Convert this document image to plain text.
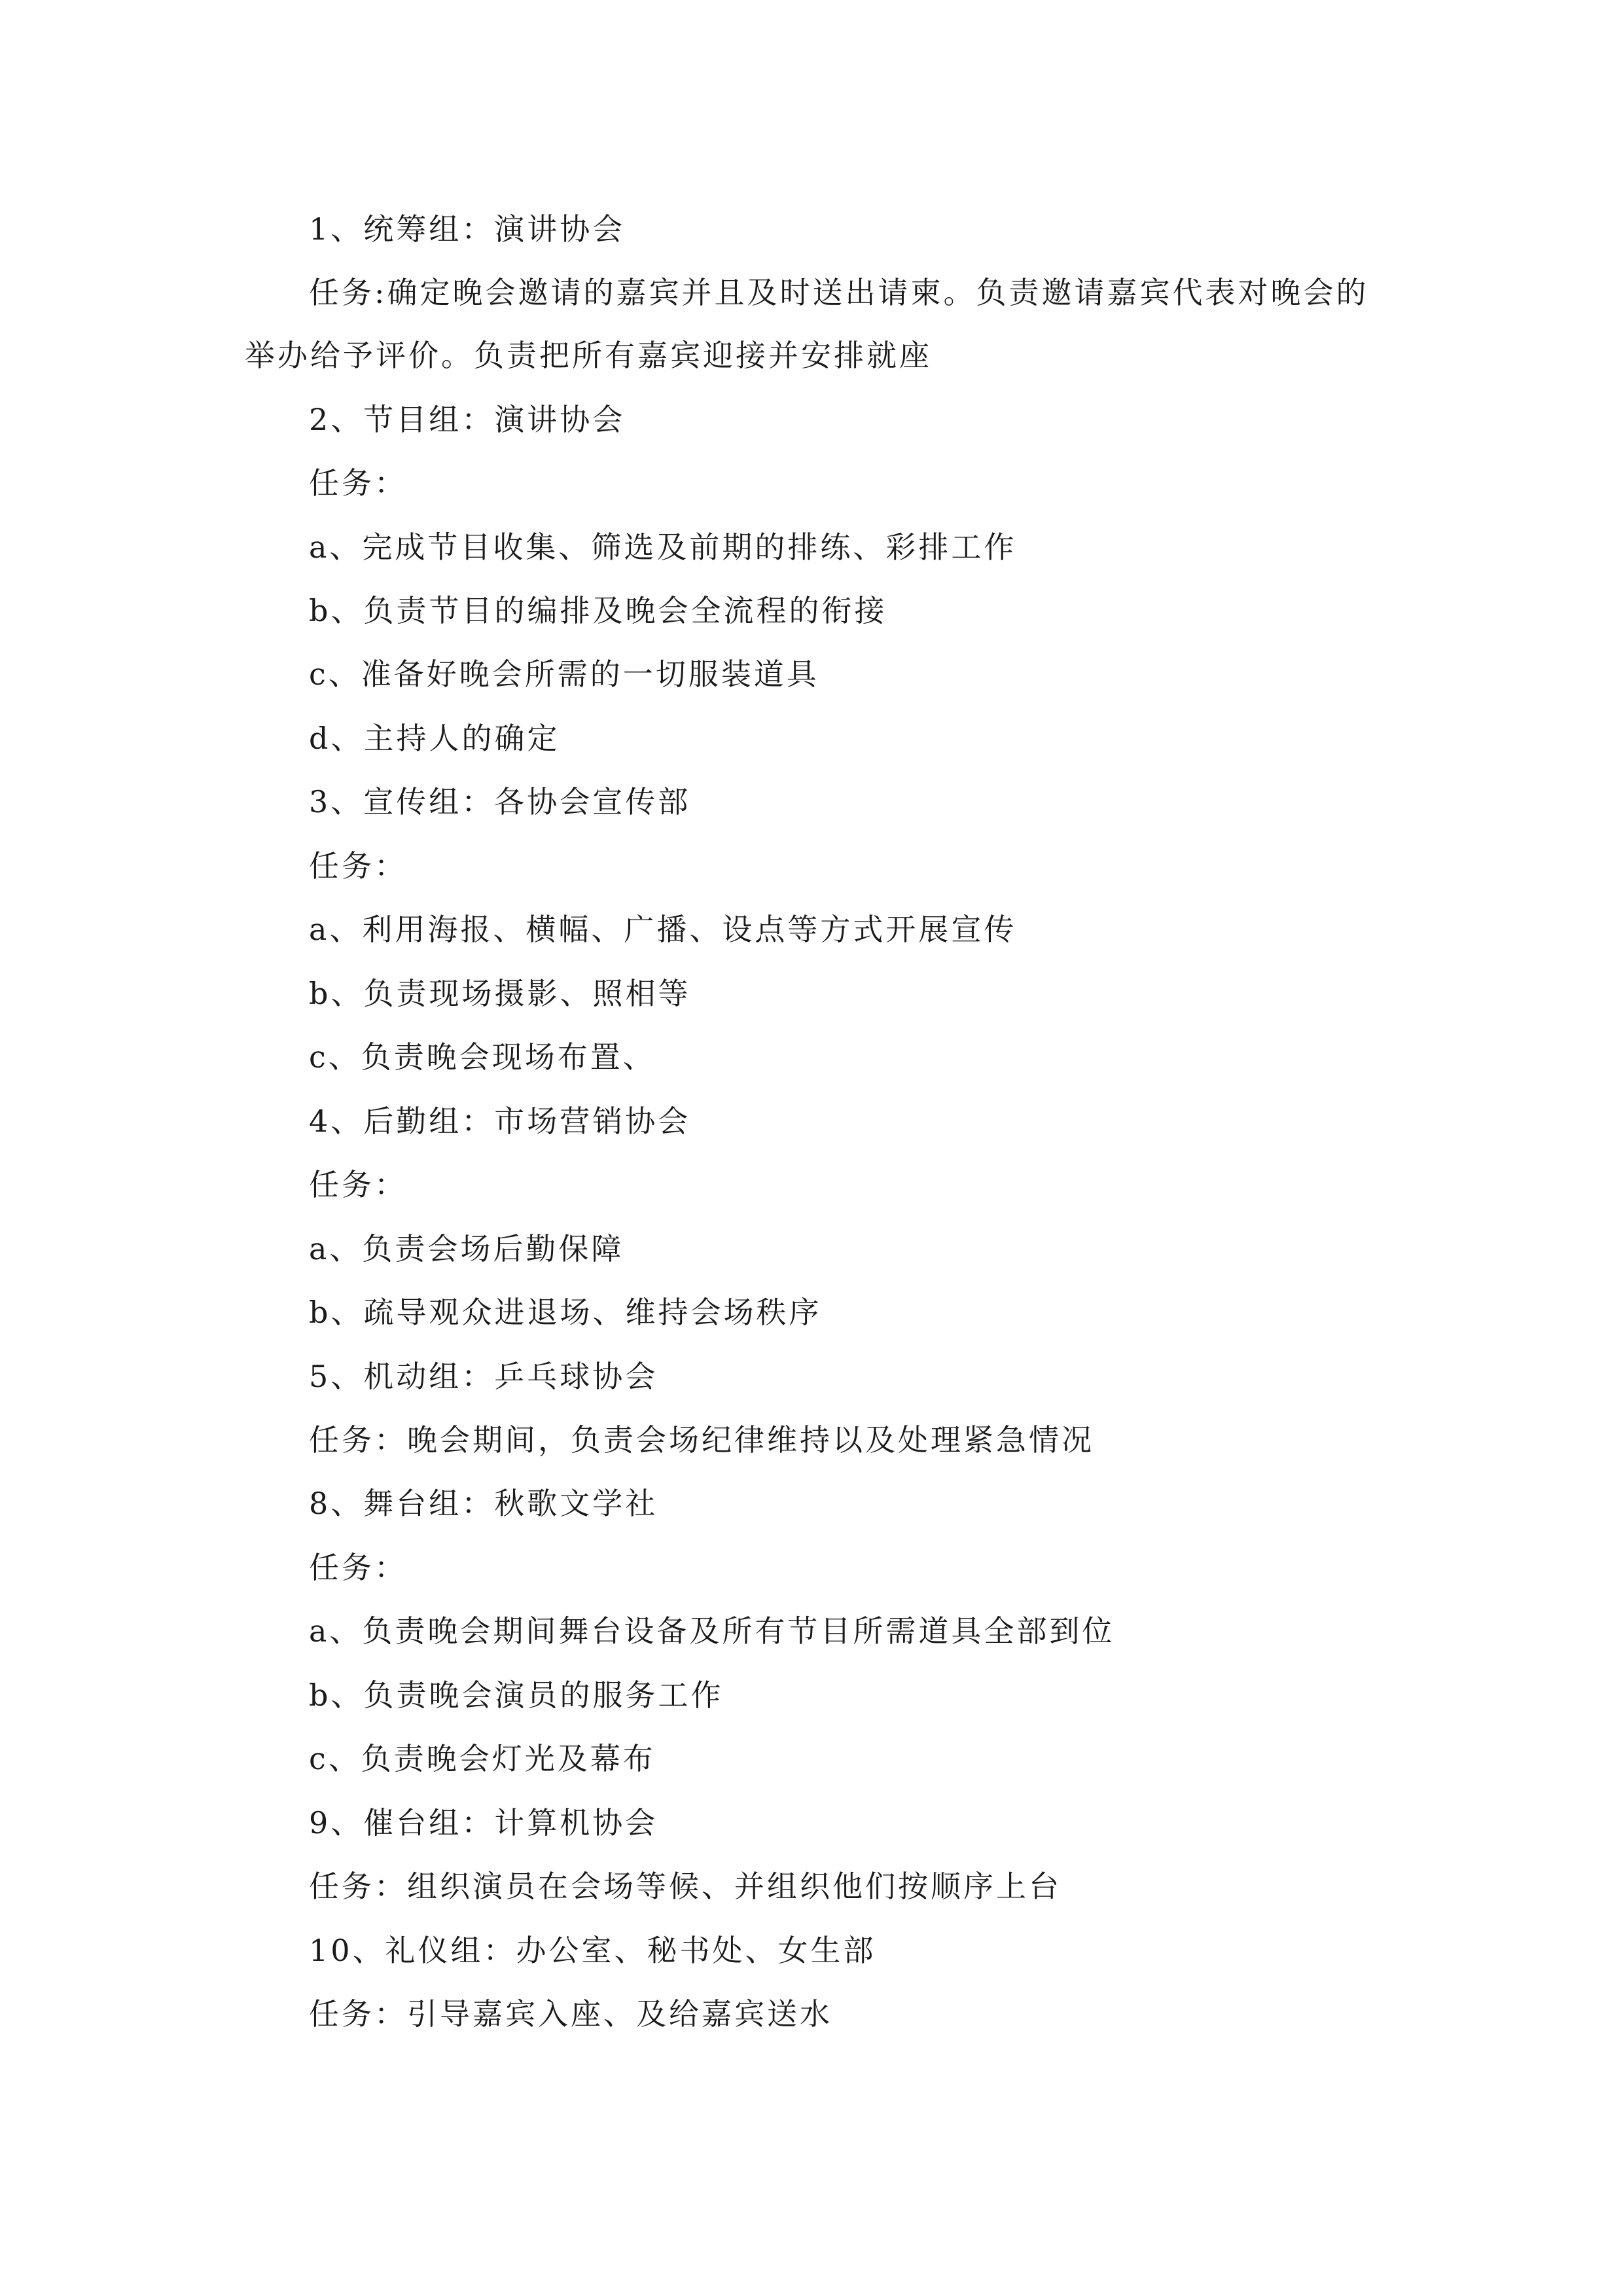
1、统筹组：演讲协会
任务:确定晚会邀请的嘉宾并且及时送出请柬。负责邀请嘉宾代表对晚会的
举办给予评价。负责把所有嘉宾迎接并安排就座
2、节目组：演讲协会
任务：
a、完成节目收集、筛选及前期的排练、彩排工作
b、负责节目的编排及晚会全流程的衔接
c、准备好晚会所需的一切服装道具
d、主持人的确定
3、宣传组：各协会宣传部
任务：
a、利用海报、横幅、广播、设点等方式开展宣传
b、负责现场摄影、照相等
c、负责晚会现场布置、
4、后勤组：市场营销协会
任务：
a、负责会场后勤保障
b、疏导观众进退场、维持会场秩序
5、机动组：乒乓球协会
任务：晚会期间，负责会场纪律维持以及处理紧急情况
8、舞台组：秋歌文学社
任务：
a、负责晚会期间舞台设备及所有节目所需道具全部到位
b、负责晚会演员的服务工作
c、负责晚会灯光及幕布
9、催台组：计算机协会
任务：组织演员在会场等候、并组织他们按顺序上台
10、礼仪组：办公室、秘书处、女生部
任务：引导嘉宾入座、及给嘉宾送水
